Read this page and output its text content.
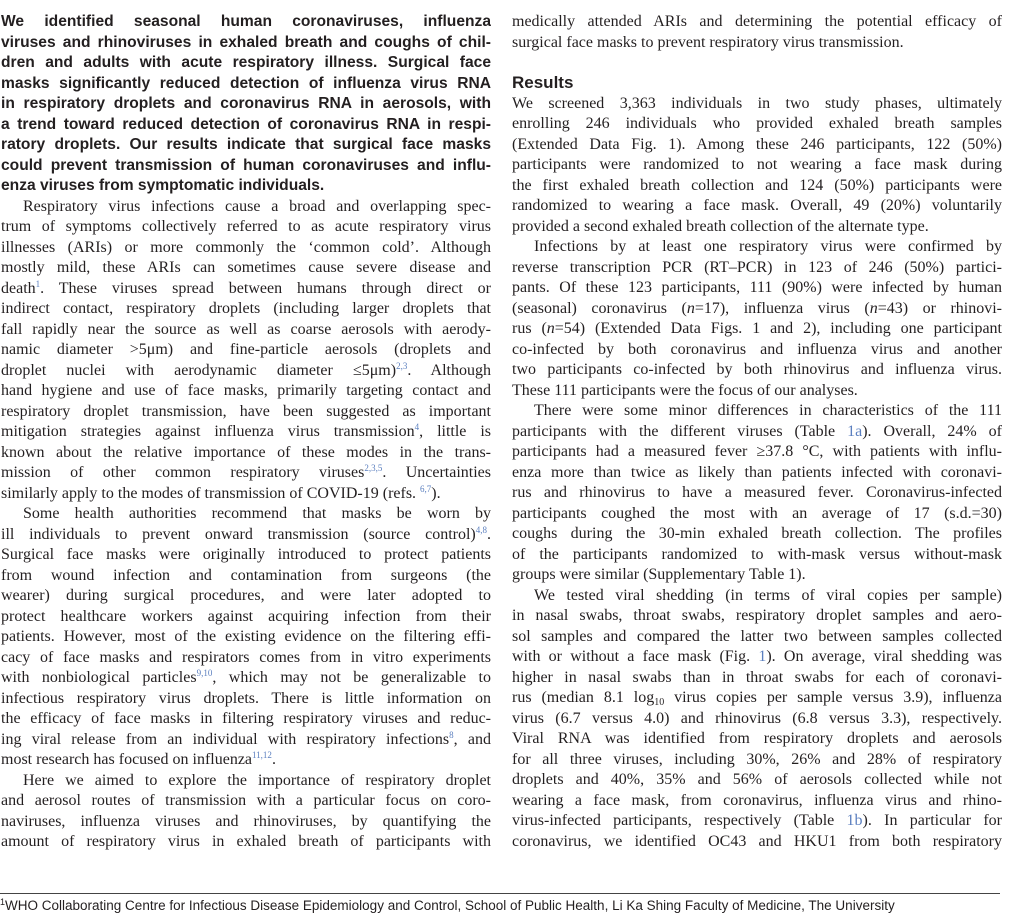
We identified seasonal human coronaviruses, influenza
viruses and rhinoviruses in exhaled breath and coughs of chil-
dren and adults with acute respiratory illness. Surgical face
masks significantly reduced detection of influenza virus RNA
in respiratory droplets and coronavirus RNA in aerosols, with
a trend toward reduced detection of coronavirus RNA in respi-
ratory droplets. Our results indicate that surgical face masks
could prevent transmission of human coronaviruses and influ-
enza viruses from symptomatic individuals.
Respiratory virus infections cause a broad and overlapping spec-
trum of symptoms collectively referred to as acute respiratory virus
illnesses (ARIs) or more commonly the ‘common cold’. Although
mostly mild, these ARIs can sometimes cause severe disease and
death$^1$. These viruses spread between humans through direct or
indirect contact, respiratory droplets (including larger droplets that
fall rapidly near the source as well as coarse aerosols with aerody-
namic diameter >5μm) and fine-particle aerosols (droplets and
droplet nuclei with aerodynamic diameter ≤5μm)$^{2,3}$. Although
hand hygiene and use of face masks, primarily targeting contact and
respiratory droplet transmission, have been suggested as important
mitigation strategies against influenza virus transmission$^4$, little is
known about the relative importance of these modes in the trans-
mission of other common respiratory viruses$^{2,3,5}$. Uncertainties
similarly apply to the modes of transmission of COVID-19 (refs. $^{6,7}$).
Some health authorities recommend that masks be worn by
ill individuals to prevent onward transmission (source control)$^{4,8}$.
Surgical face masks were originally introduced to protect patients
from wound infection and contamination from surgeons (the
wearer) during surgical procedures, and were later adopted to
protect healthcare workers against acquiring infection from their
patients. However, most of the existing evidence on the filtering effi-
cacy of face masks and respirators comes from in vitro experiments
with nonbiological particles$^{9,10}$, which may not be generalizable to
infectious respiratory virus droplets. There is little information on
the efficacy of face masks in filtering respiratory viruses and reduc-
ing viral release from an individual with respiratory infections$^8$, and
most research has focused on influenza$^{11,12}$.
Here we aimed to explore the importance of respiratory droplet
and aerosol routes of transmission with a particular focus on coro-
naviruses, influenza viruses and rhinoviruses, by quantifying the
amount of respiratory virus in exhaled breath of participants with
medically attended ARIs and determining the potential efficacy of
surgical face masks to prevent respiratory virus transmission.
Results
We screened 3,363 individuals in two study phases, ultimately
enrolling 246 individuals who provided exhaled breath samples
(Extended Data Fig. 1). Among these 246 participants, 122 (50%)
participants were randomized to not wearing a face mask during
the first exhaled breath collection and 124 (50%) participants were
randomized to wearing a face mask. Overall, 49 (20%) voluntarily
provided a second exhaled breath collection of the alternate type.
Infections by at least one respiratory virus were confirmed by
reverse transcription PCR (RT–PCR) in 123 of 246 (50%) partici-
pants. Of these 123 participants, 111 (90%) were infected by human
(seasonal) coronavirus (n=17), influenza virus (n=43) or rhinovi-
rus (n=54) (Extended Data Figs. 1 and 2), including one participant
co-infected by both coronavirus and influenza virus and another
two participants co-infected by both rhinovirus and influenza virus.
These 111 participants were the focus of our analyses.
There were some minor differences in characteristics of the 111
participants with the different viruses (Table 1a). Overall, 24% of
participants had a measured fever ≥37.8 °C, with patients with influ-
enza more than twice as likely than patients infected with coronavi-
rus and rhinovirus to have a measured fever. Coronavirus-infected
participants coughed the most with an average of 17 (s.d.=30)
coughs during the 30-min exhaled breath collection. The profiles
of the participants randomized to with-mask versus without-mask
groups were similar (Supplementary Table 1).
We tested viral shedding (in terms of viral copies per sample)
in nasal swabs, throat swabs, respiratory droplet samples and aero-
sol samples and compared the latter two between samples collected
with or without a face mask (Fig. 1). On average, viral shedding was
higher in nasal swabs than in throat swabs for each of coronavi-
rus (median 8.1 $\log_{10}$ virus copies per sample versus 3.9), influenza
virus (6.7 versus 4.0) and rhinovirus (6.8 versus 3.3), respectively.
Viral RNA was identified from respiratory droplets and aerosols
for all three viruses, including 30%, 26% and 28% of respiratory
droplets and 40%, 35% and 56% of aerosols collected while not
wearing a face mask, from coronavirus, influenza virus and rhino-
virus-infected participants, respectively (Table 1b). In particular for
coronavirus, we identified OC43 and HKU1 from both respiratory
$^1$WHO Collaborating Centre for Infectious Disease Epidemiology and Control, School of Public Health, Li Ka Shing Faculty of Medicine, The University
